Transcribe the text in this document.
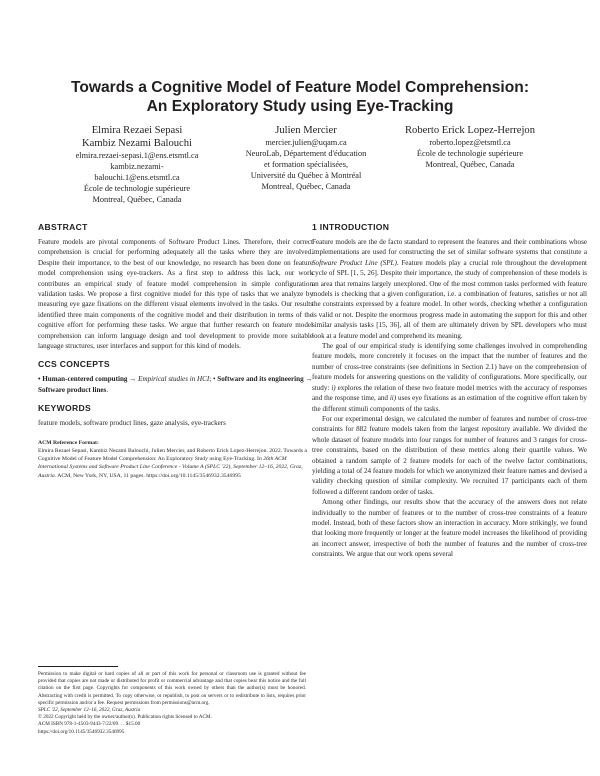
Towards a Cognitive Model of Feature Model Comprehension:
An Exploratory Study using Eye-Tracking
Elmira Rezaei Sepasi
Kambiz Nezami Balouchi
elmira.rezaei-sepasi.1@ens.etsmtl.ca
kambiz.nezami-
balouchi.1@ens.etsmtl.ca
École de technologie supérieure
Montreal, Québec, Canada
Julien Mercier
mercier.julien@uqam.ca
NeuroLab, Département d'éducation
et formation spécialisées,
Université du Québec à Montréal
Montreal, Québec, Canada
Roberto Erick Lopez-Herrejon
roberto.lopez@etsmtl.ca
École de technologie supérieure
Montreal, Québec, Canada
ABSTRACT

Feature models are pivotal components of Software Product Lines. Therefore, their correct comprehension is crucial for performing adequately all the tasks where they are involved. Despite their importance, to the best of our knowledge, no research has been done on feature model comprehension using eye-trackers. As a first step to address this lack, our work contributes an empirical study of feature model comprehension in simple configuration validation tasks. We propose a first cognitive model for this type of tasks that we analyze by measuring eye gaze fixations on the different visual elements involved in the tasks. Our results identified three main components of the cognitive model and their distribution in terms of the cognitive effort for performing these tasks. We argue that further research on feature model comprehension can inform language design and tool development to provide more suitable language structures, user interfaces and support for this kind of models.

CCS CONCEPTS

• Human-centered computing → Empirical studies in HCI; • Software and its engineering → Software product lines.

KEYWORDS

feature models, software product lines, gaze analysis, eye-trackers

ACM Reference Format:
Elmira Rezaei Sepasi, Kambiz Nezami Balouchi, Julien Mercier, and Roberto Erick Lopez-Herrejon. 2022. Towards a Cognitive Model of Feature Model Comprehension: An Exploratory Study using Eye-Tracking. In 26th ACM International Systems and Software Product Line Conference - Volume A (SPLC '22), September 12–16, 2022, Graz, Austria. ACM, New York, NY, USA, 11 pages. https://doi.org/10.1145/3546932.3546995
Permission to make digital or hard copies of all or part of this work for personal or classroom use is granted without fee provided that copies are not made or distributed for profit or commercial advantage and that copies bear this notice and the full citation on the first page. Copyrights for components of this work owned by others than the author(s) must be honored. Abstracting with credit is permitted. To copy otherwise, or republish, to post on servers or to redistribute to lists, requires prior specific permission and/or a fee. Request permissions from permissions@acm.org.
SPLC '22, September 12–16, 2022, Graz, Austria
© 2022 Copyright held by the owner/author(s). Publication rights licensed to ACM.
ACM ISBN 978-1-4503-9443-7/22/09. . . $15.00
https://doi.org/10.1145/3546932.3546995
1 INTRODUCTION

Feature models are the de facto standard to represent the features and their combinations whose implementations are used for constructing the set of similar software systems that constitute a Software Product Line (SPL). Feature models play a crucial role throughout the development cycle of SPL [1, 5, 26]. Despite their importance, the study of comprehension of these models is an area that remains largely unexplored. One of the most common tasks performed with feature models is checking that a given configuration, i.e. a combination of features, satisfies or not all the constraints expressed by a feature model. In other words, checking whether a configuration is valid or not. Despite the enormous progress made in automating the support for this and other similar analysis tasks [15, 36], all of them are ultimately driven by SPL developers who must look at a feature model and comprehend its meaning.

The goal of our empirical study is identifying some challenges involved in comprehending feature models, more concretely it focuses on the impact that the number of features and the number of cross-tree constraints (see definitions in Section 2.1) have on the comprehension of feature models for answering questions on the validity of configurations. More specifically, our study: i) explores the relation of these two feature model metrics with the accuracy of responses and the response time, and ii) uses eye fixations as an estimation of the cognitive effort taken by the different stimuli components of the tasks.

For our experimental design, we calculated the number of features and number of cross-tree constraints for 882 feature models taken from the largest repository available. We divided the whole dataset of feature models into four ranges for number of features and 3 ranges for cross-tree constraints, based on the distribution of these metrics along their quartile values. We obtained a random sample of 2 feature models for each of the twelve factor combinations, yielding a total of 24 feature models for which we anonymized their feature names and devised a validity checking question of similar complexity. We recruited 17 participants each of them followed a different random order of tasks.

Among other findings, our results show that the accuracy of the answers does not relate individually to the number of features or to the number of cross-tree constraints of a feature model. Instead, both of these factors show an interaction in accuracy. More strikingly, we found that looking more frequently or longer at the feature model increases the likelihood of providing an incorrect answer, irrespective of both the number of features and the number of cross-tree constraints. We argue that our work opens several
